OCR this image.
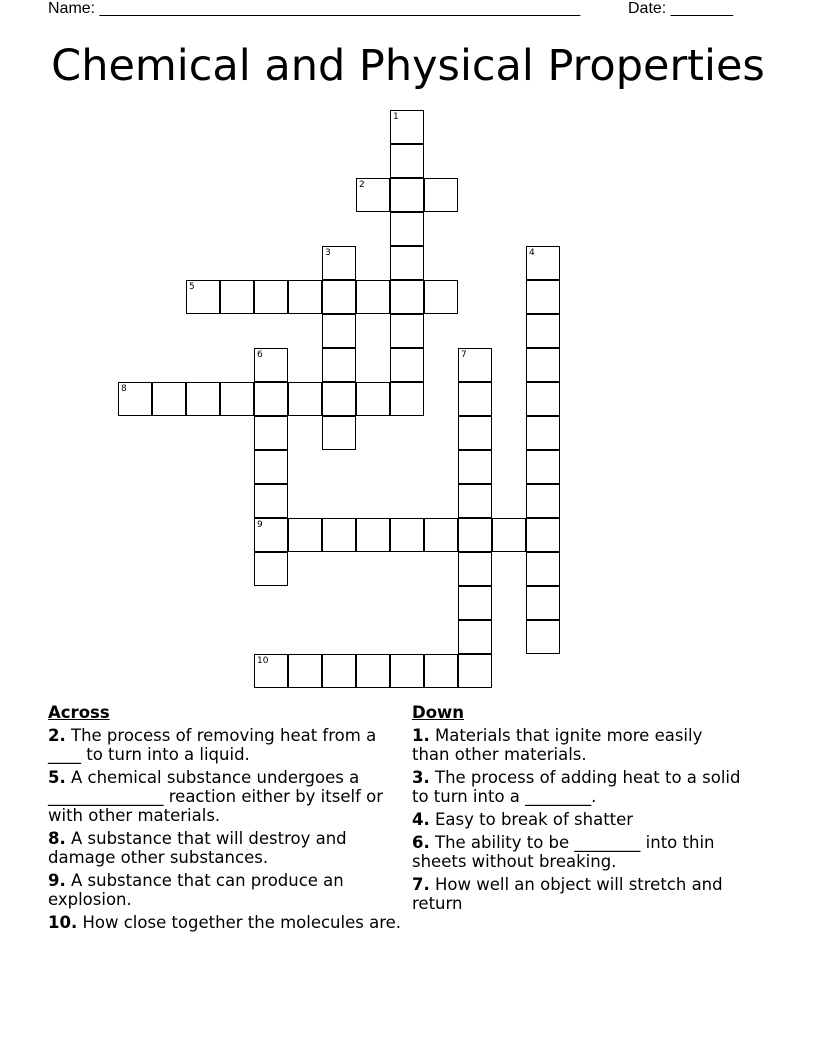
Name: ______________________________________________________	Date: _______
Chemical and Physical Properties
1
2
3	4
5
6
9
7
8
10
Across
2. The process of removing heat from a ____ to turn into a liquid.
5. A chemical substance undergoes a ______________ reaction either by itself or with other materials.
8. A substance that will destroy and damage other substances.
9. A substance that can produce an explosion.
10. How close together the molecules are.
Down
1. Materials that ignite more easily than other materials.
3. The process of adding heat to a solid to turn into a ________.
4. Easy to break of shatter
6. The ability to be ________ into thin sheets without breaking.
7. How well an object will stretch and return
